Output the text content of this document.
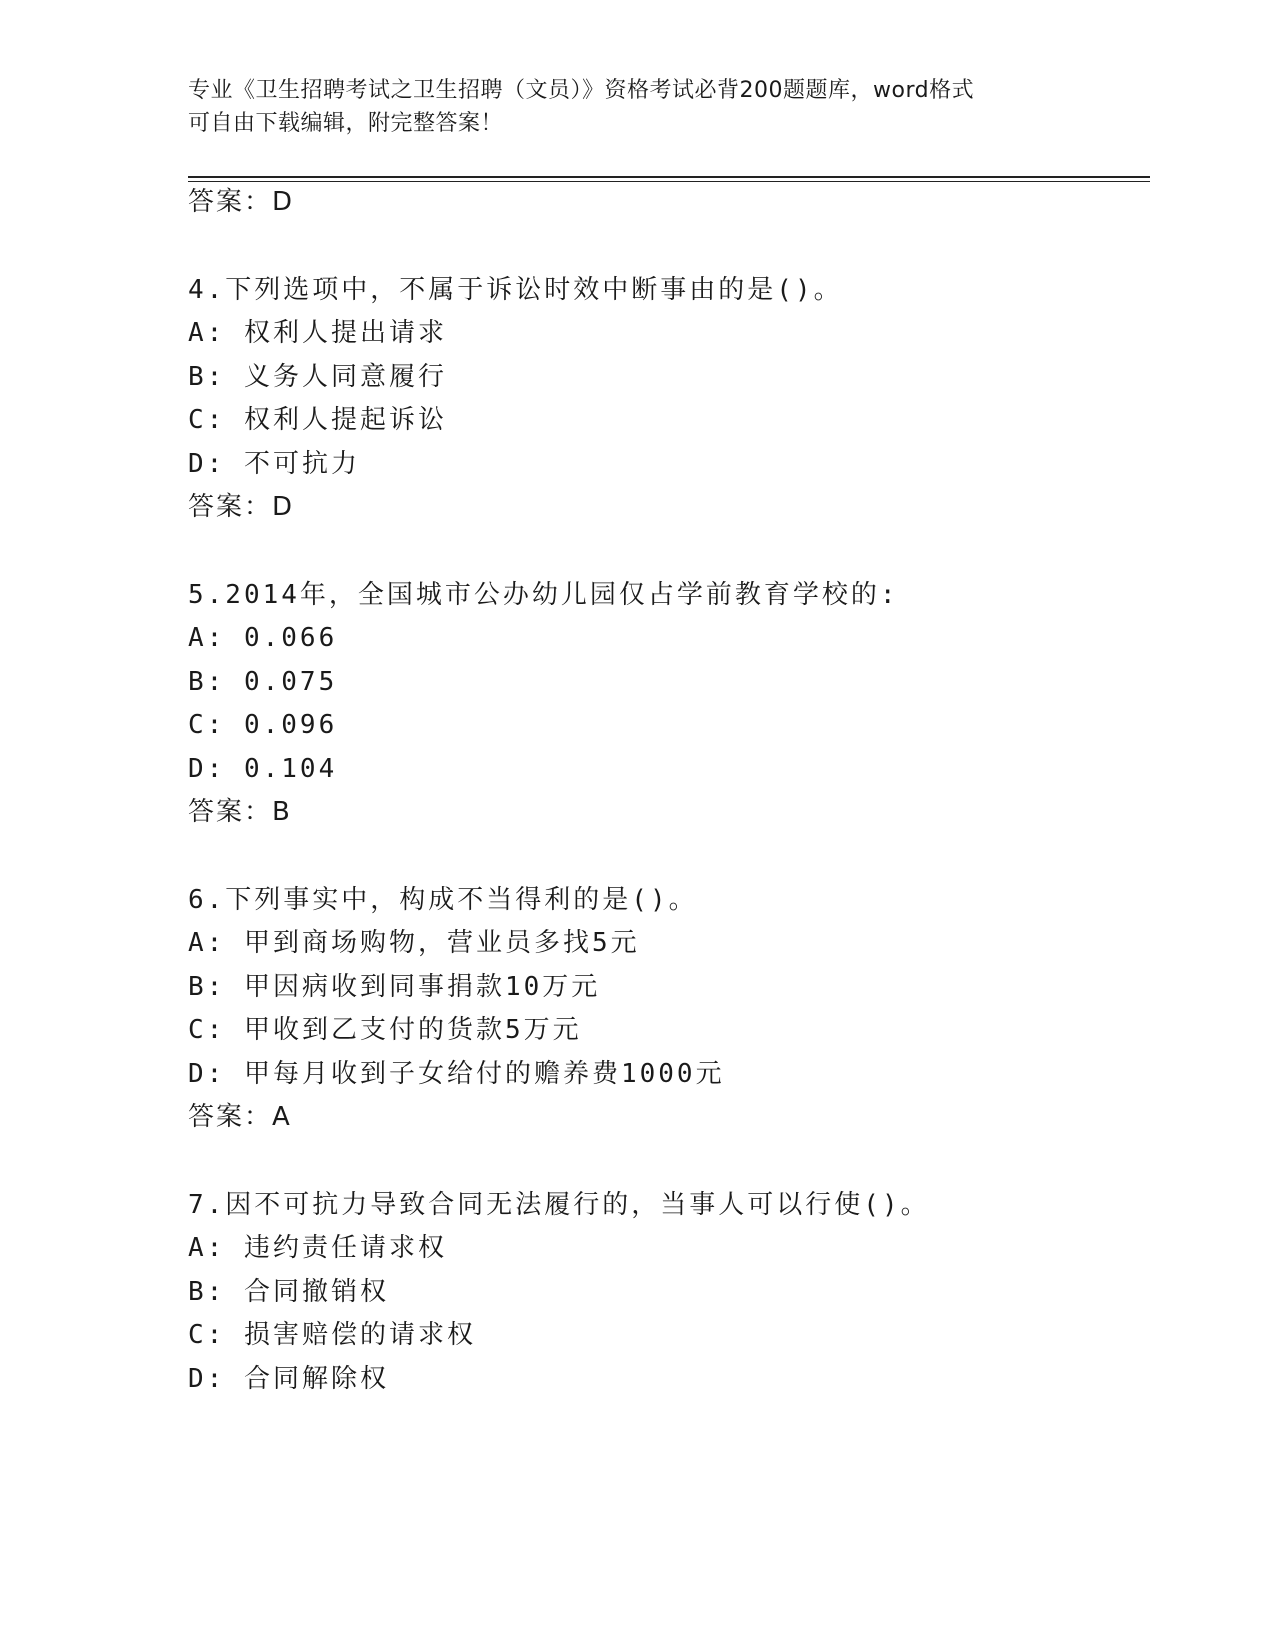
专业《卫生招聘考试之卫生招聘（文员）》资格考试必背200题题库，word格式
可自由下载编辑，附完整答案！
答案：D
4.下列选项中，不属于诉讼时效中断事由的是()。
A: 权利人提出请求
B: 义务人同意履行
C: 权利人提起诉讼
D: 不可抗力
答案：D
5.2014年，全国城市公办幼儿园仅占学前教育学校的:
A: 0.066
B: 0.075
C: 0.096
D: 0.104
答案：B
6.下列事实中，构成不当得利的是()。
A: 甲到商场购物，营业员多找5元
B: 甲因病收到同事捐款10万元
C: 甲收到乙支付的货款5万元
D: 甲每月收到子女给付的赡养费1000元
答案：A
7.因不可抗力导致合同无法履行的，当事人可以行使()。
A: 违约责任请求权
B: 合同撤销权
C: 损害赔偿的请求权
D: 合同解除权
